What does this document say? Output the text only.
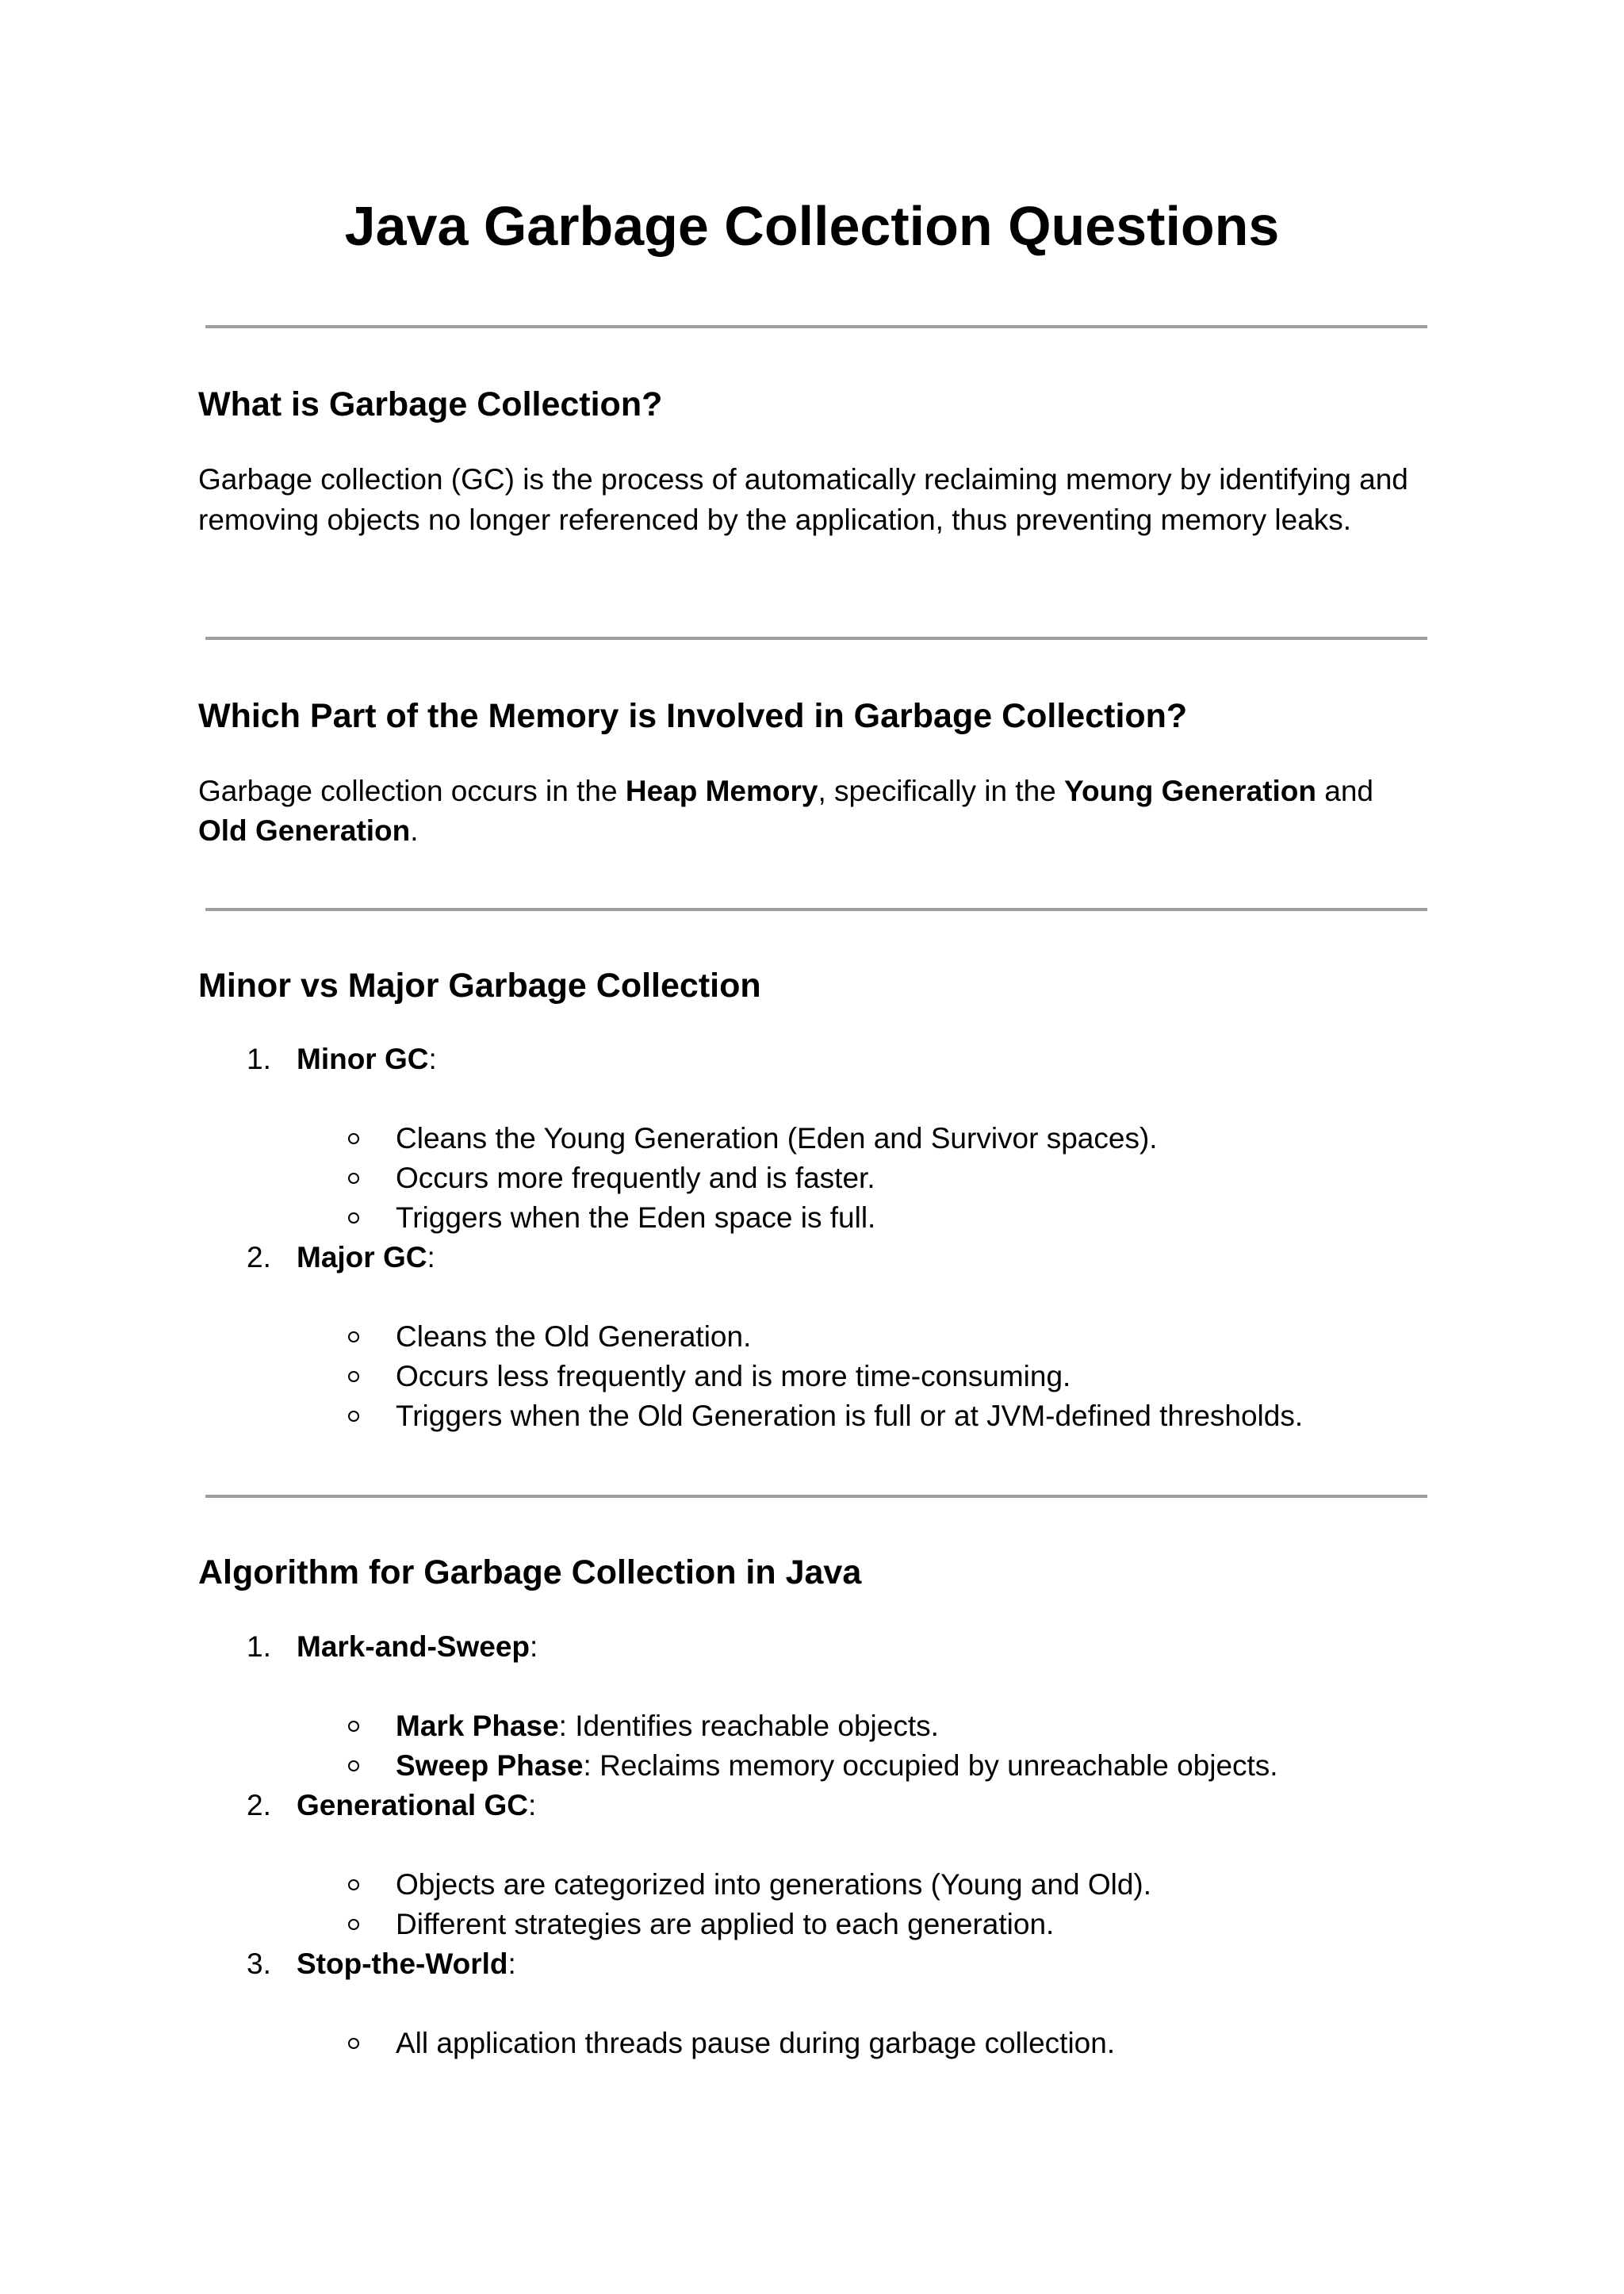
Java Garbage Collection Questions
What is Garbage Collection?

Garbage collection (GC) is the process of automatically reclaiming memory by identifying and removing objects no longer referenced by the application, thus preventing memory leaks.

Which Part of the Memory is Involved in Garbage Collection?
Garbage collection occurs in the Heap Memory, specifically in the Young Generation and
Old Generation.
Minor vs Major Garbage Collection
1. Minor GC:
Cleans the Young Generation (Eden and Survivor spaces).
Occurs more frequently and is faster.
Triggers when the Eden space is full.
2. Major GC:
Cleans the Old Generation.
Occurs less frequently and is more time-consuming.
Triggers when the Old Generation is full or at JVM-defined thresholds.
Algorithm for Garbage Collection in Java
1. Mark-and-Sweep:
Mark Phase: Identifies reachable objects.
Sweep Phase: Reclaims memory occupied by unreachable objects.
2. Generational GC:
Objects are categorized into generations (Young and Old).
Different strategies are applied to each generation.
3. Stop-the-World:
All application threads pause during garbage collection.
